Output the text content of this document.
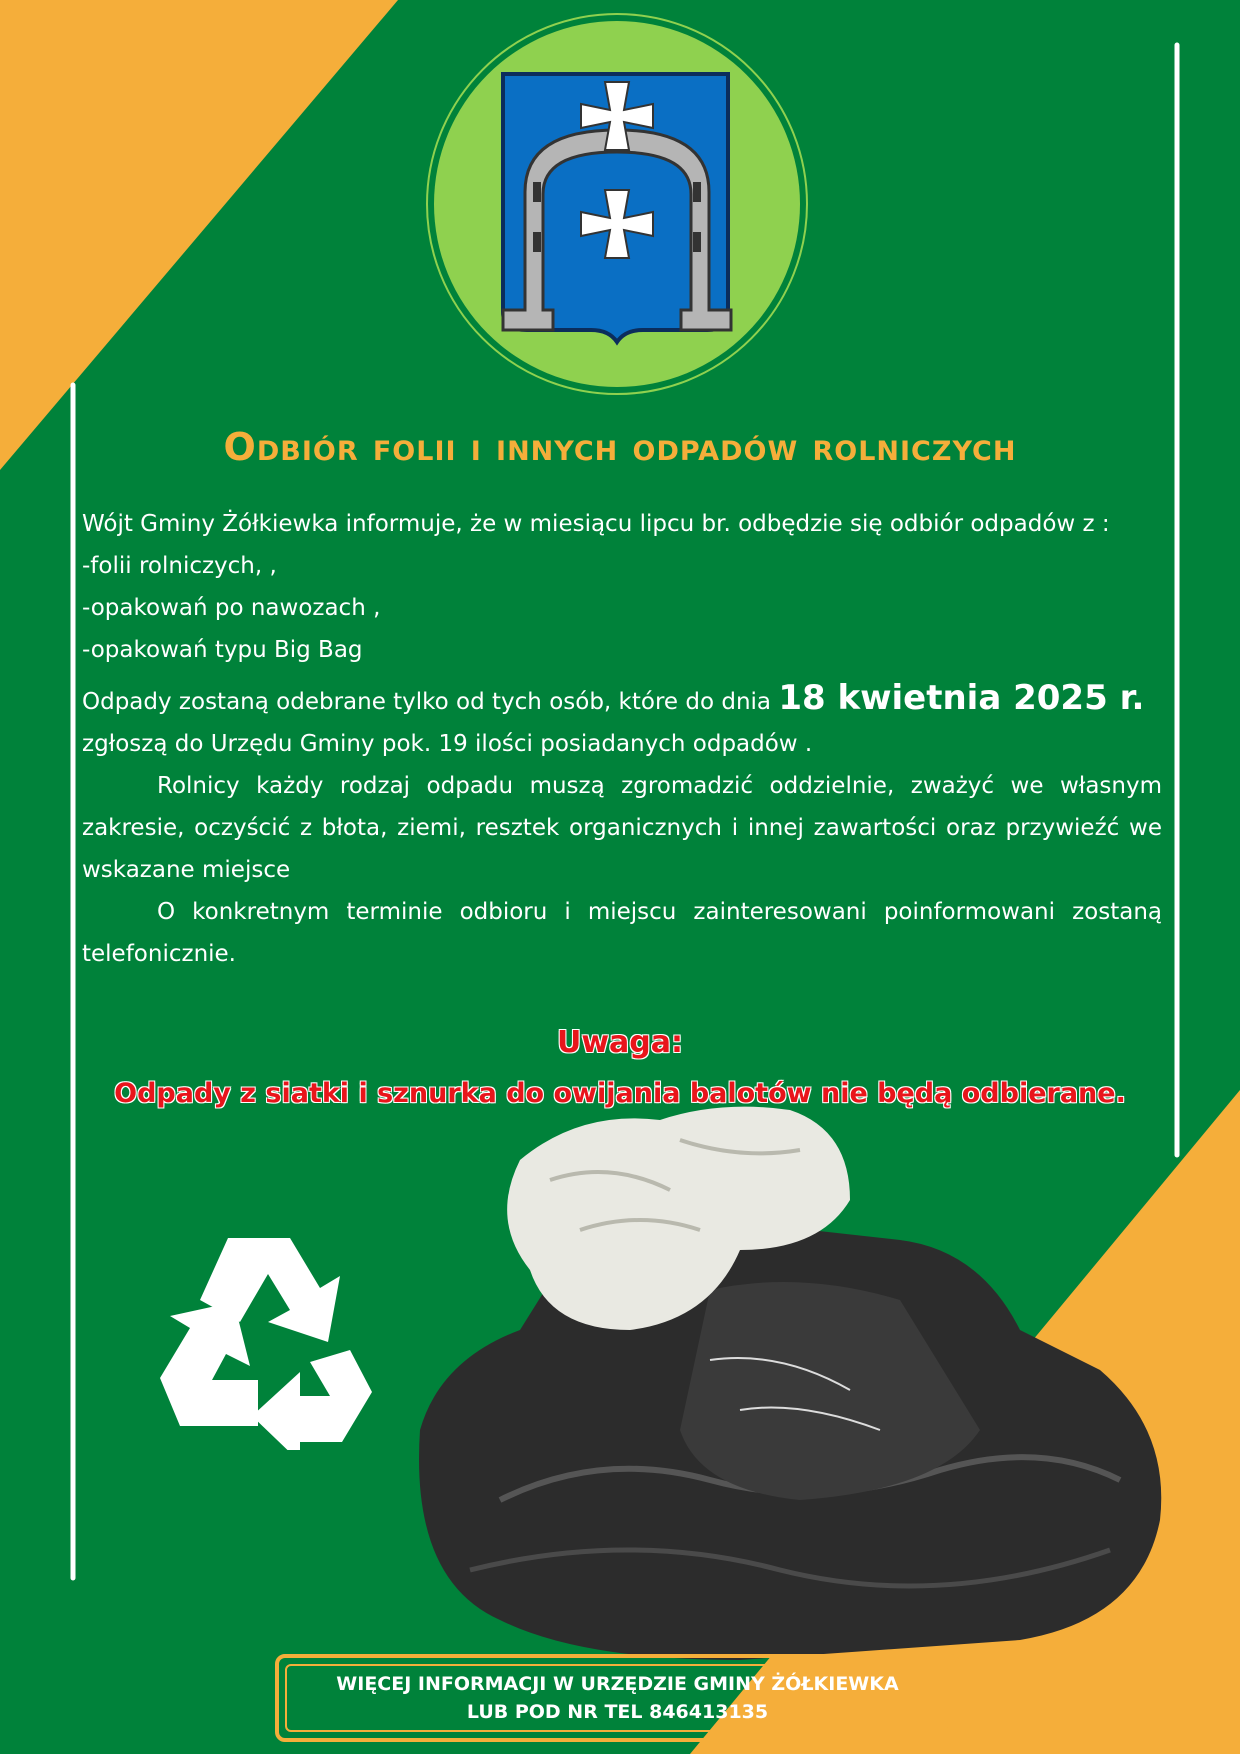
Odbiór folii i innych odpadów rolniczych

Wójt Gminy Żółkiewka informuje, że w miesiącu lipcu br. odbędzie się odbiór odpadów z :

-folii rolniczych, ,

-opakowań po nawozach ,

-opakowań typu Big Bag

Odpady zostaną odebrane tylko od tych osób, które do dnia 18 kwietnia 2025 r.

zgłoszą do Urzędu Gminy pok. 19 ilości posiadanych odpadów .

Rolnicy każdy rodzaj odpadu muszą zgromadzić oddzielnie, zważyć we własnym zakresie, oczyścić z błota, ziemi, resztek organicznych i innej zawartości oraz przywieźć we wskazane miejsce

O konkretnym terminie odbioru i miejscu zainteresowani poinformowani zostaną telefonicznie.

Uwaga:
Odpady z siatki i sznurka do owijania balotów nie będą odbierane.
WIĘCEJ INFORMACJI W URZĘDZIE GMINY ŻÓŁKIEWKA
LUB POD NR TEL 846413135
